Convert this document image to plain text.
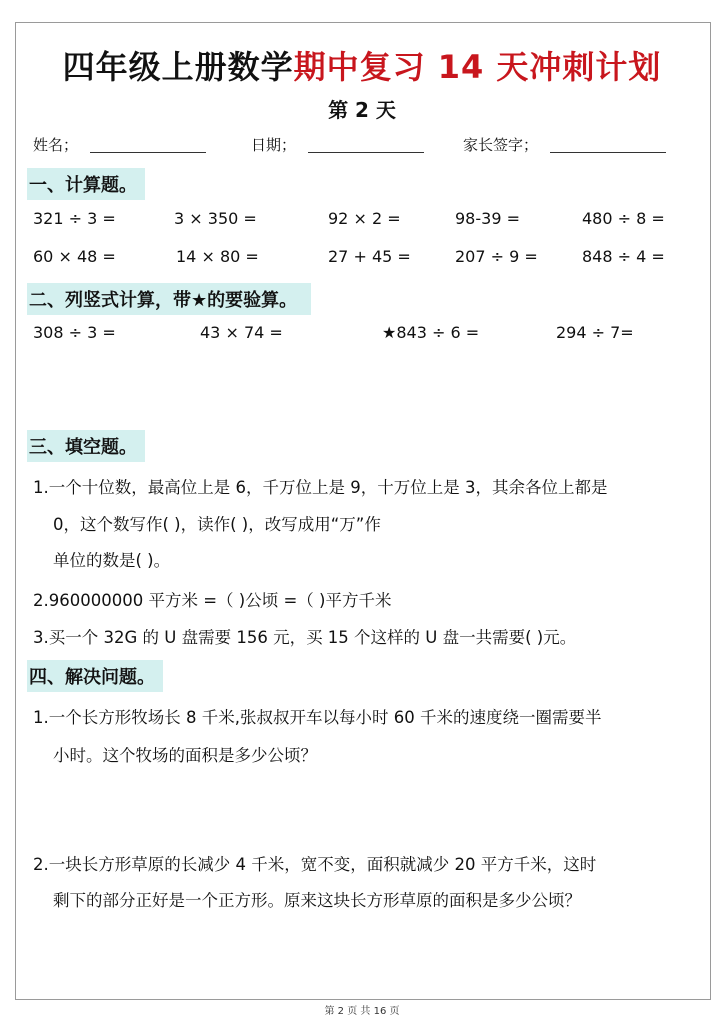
四年级上册数学期中复习 14 天冲刺计划
第 2 天
姓名；	日期；	家长签字；
一、计算题。
321 ÷ 3 =	3 × 350 =	92 × 2 =	98-39 =	480 ÷ 8 =
60 × 48 =	14 × 80 =	27 + 45 =	207 ÷ 9 =	848 ÷ 4 =
二、列竖式计算，带★的要验算。
308 ÷ 3 =	43 × 74 =	★843 ÷ 6 =	294 ÷ 7=
三、填空题。
1.一个十位数，最高位上是 6，千万位上是 9，十万位上是 3，其余各位上都是
0，这个数写作( )，读作( )，改写成用“万”作
单位的数是( )。
2.960000000 平方米 =（ )公顷 =（ )平方千米
3.买一个 32G 的 U 盘需要 156 元，买 15 个这样的 U 盘一共需要( )元。
四、解决问题。
1.一个长方形牧场长 8 千米,张叔叔开车以每小时 60 千米的速度绕一圈需要半
小时。这个牧场的面积是多少公顷？
2.一块长方形草原的长减少 4 千米，宽不变，面积就减少 20 平方千米，这时
剩下的部分正好是一个正方形。原来这块长方形草原的面积是多少公顷？
第 2 页 共 16 页
